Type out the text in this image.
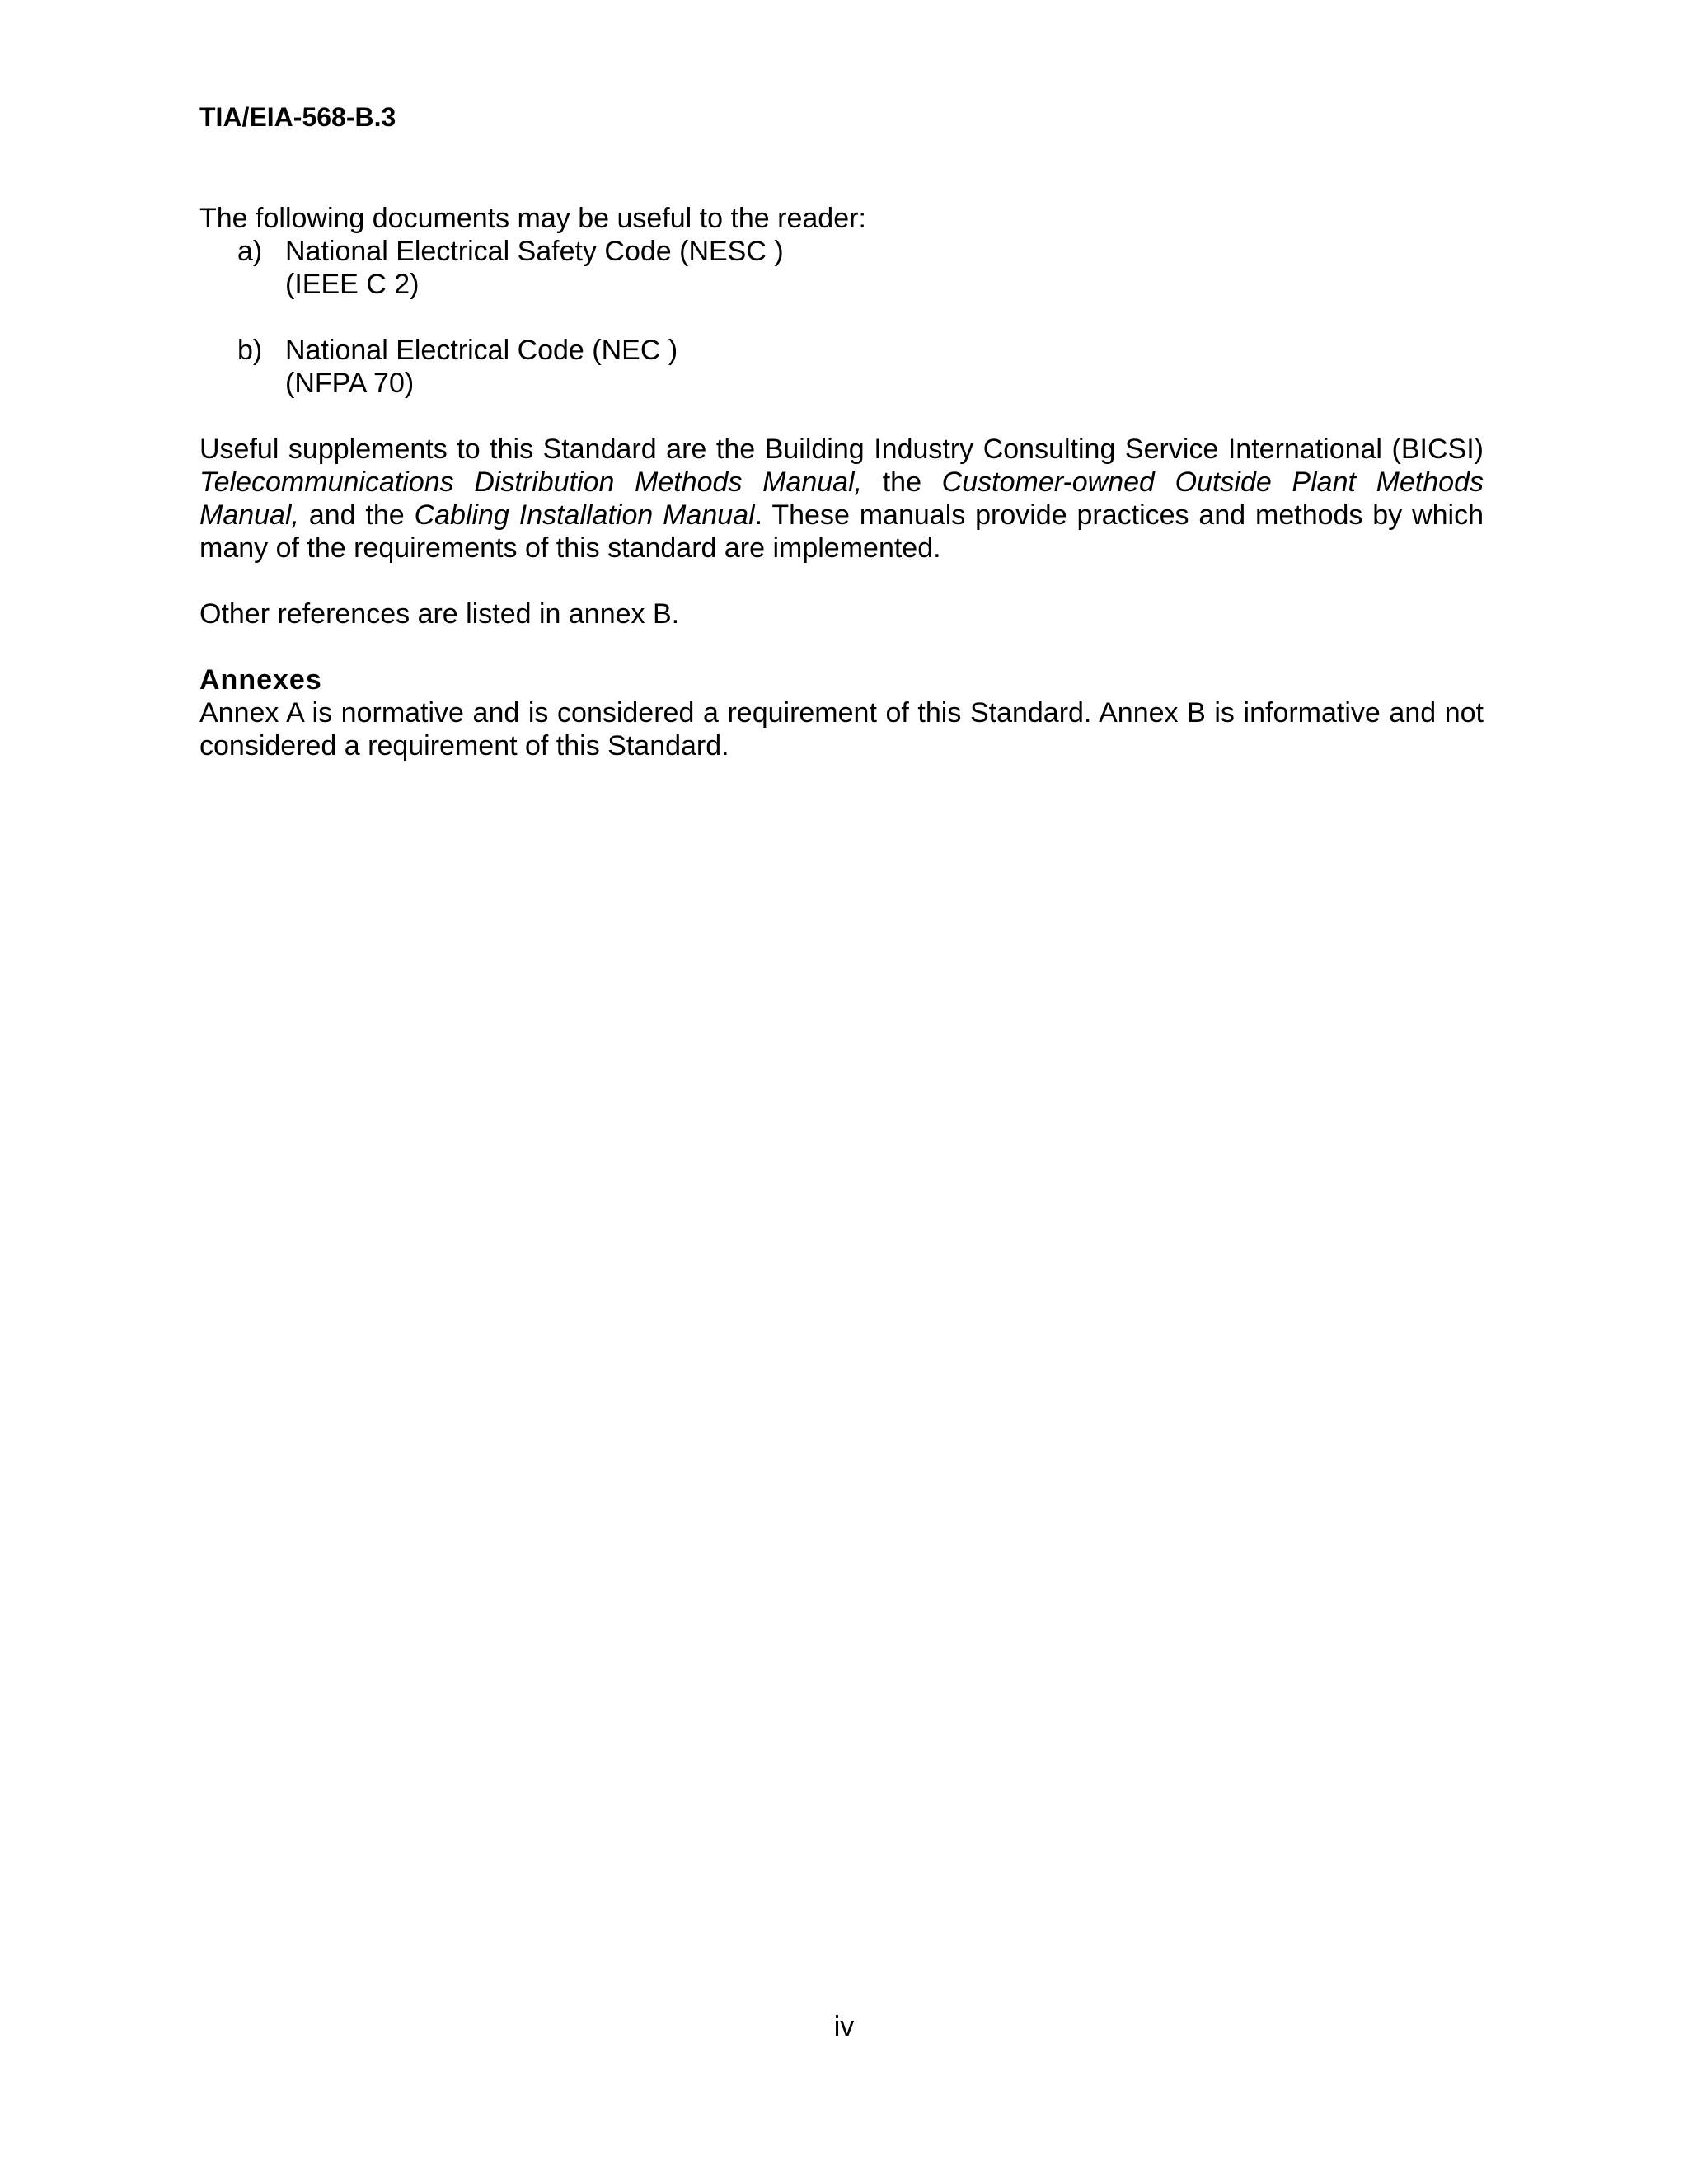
TIA/EIA-568-B.3

The following documents may be useful to the reader:

a) National Electrical Safety Code (NESC )
(IEEE C 2)
b) National Electrical Code (NEC )
(NFPA 70)

Useful supplements to this Standard are the Building Industry Consulting Service International (BICSI) Telecommunications Distribution Methods Manual, the Customer-owned Outside Plant Methods Manual, and the Cabling Installation Manual. These manuals provide practices and methods by which many of the requirements of this standard are implemented.

Other references are listed in annex B.

Annexes

Annex A is normative and is considered a requirement of this Standard. Annex B is informative and not considered a requirement of this Standard.

iv
